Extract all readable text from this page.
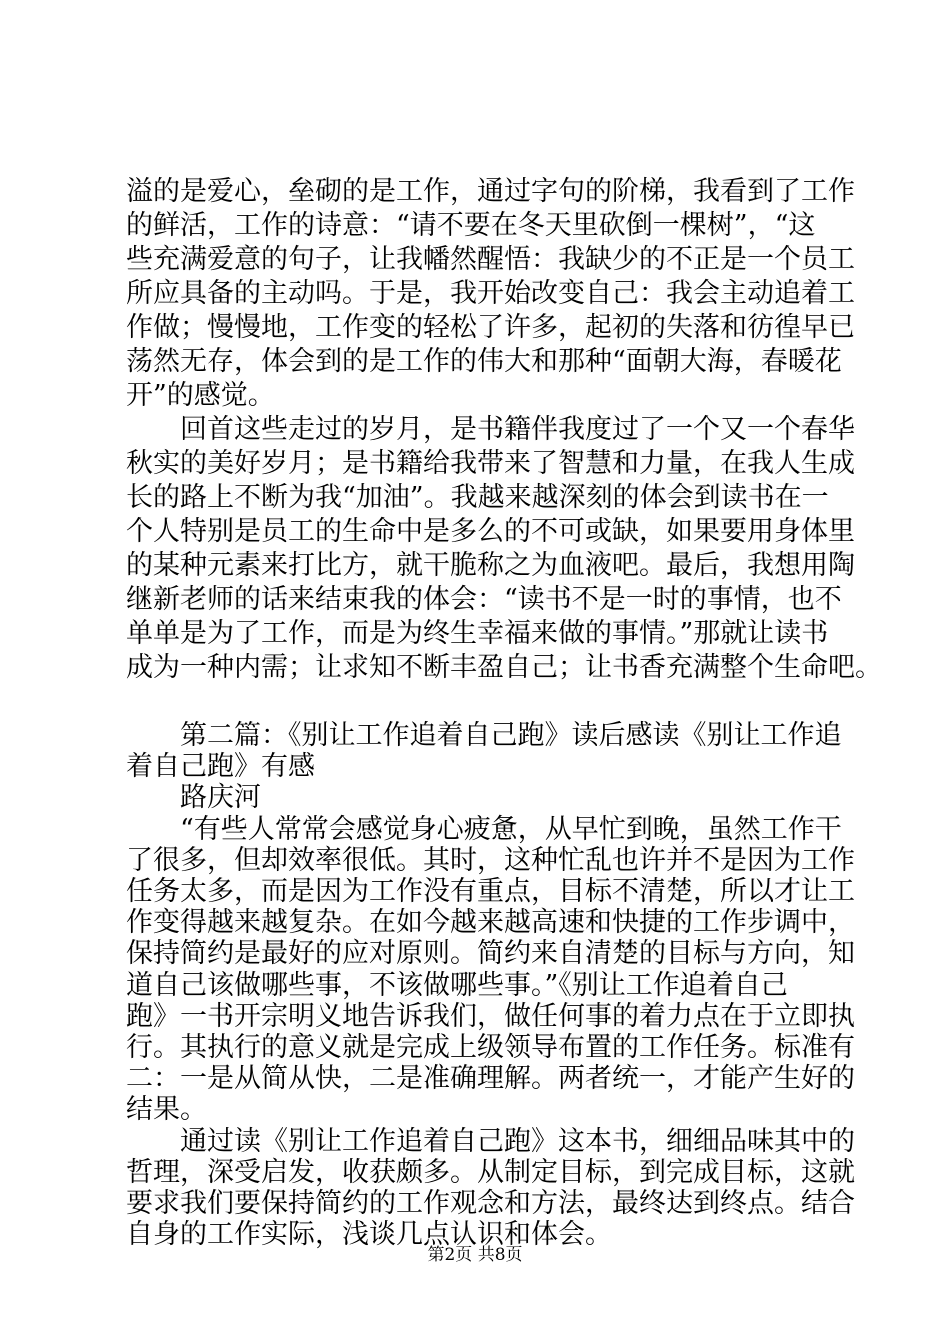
溢的是爱心，垒砌的是工作，通过字句的阶梯，我看到了工作
的鲜活，工作的诗意：“请不要在冬天里砍倒一棵树”，“这
些充满爱意的句子，让我幡然醒悟：我缺少的不正是一个员工
所应具备的主动吗。于是，我开始改变自己：我会主动追着工
作做；慢慢地，工作变的轻松了许多，起初的失落和彷徨早已
荡然无存，体会到的是工作的伟大和那种“面朝大海，春暖花
开”的感觉。
　　回首这些走过的岁月，是书籍伴我度过了一个又一个春华
秋实的美好岁月；是书籍给我带来了智慧和力量，在我人生成
长的路上不断为我“加油”。我越来越深刻的体会到读书在一
个人特别是员工的生命中是多么的不可或缺，如果要用身体里
的某种元素来打比方，就干脆称之为血液吧。最后，我想用陶
继新老师的话来结束我的体会：“读书不是一时的事情，也不
单单是为了工作，而是为终生幸福来做的事情。”那就让读书
成为一种内需；让求知不断丰盈自己；让书香充满整个生命吧。
　　第二篇：《别让工作追着自己跑》读后感读《别让工作追
着自己跑》有感
　　路庆河
　　“有些人常常会感觉身心疲惫，从早忙到晚，虽然工作干
了很多，但却效率很低。其时，这种忙乱也许并不是因为工作
任务太多，而是因为工作没有重点，目标不清楚，所以才让工
作变得越来越复杂。在如今越来越高速和快捷的工作步调中，
保持简约是最好的应对原则。简约来自清楚的目标与方向，知
道自己该做哪些事，不该做哪些事。”《别让工作追着自己
跑》一书开宗明义地告诉我们，做任何事的着力点在于立即执
行。其执行的意义就是完成上级领导布置的工作任务。标准有
二：一是从简从快，二是准确理解。两者统一，才能产生好的
结果。
　　通过读《别让工作追着自己跑》这本书，细细品味其中的
哲理，深受启发，收获颇多。从制定目标，到完成目标，这就
第2页 共8页
要求我们要保持简约的工作观念和方法，最终达到终点。结合
自身的工作实际，浅谈几点认识和体会。
